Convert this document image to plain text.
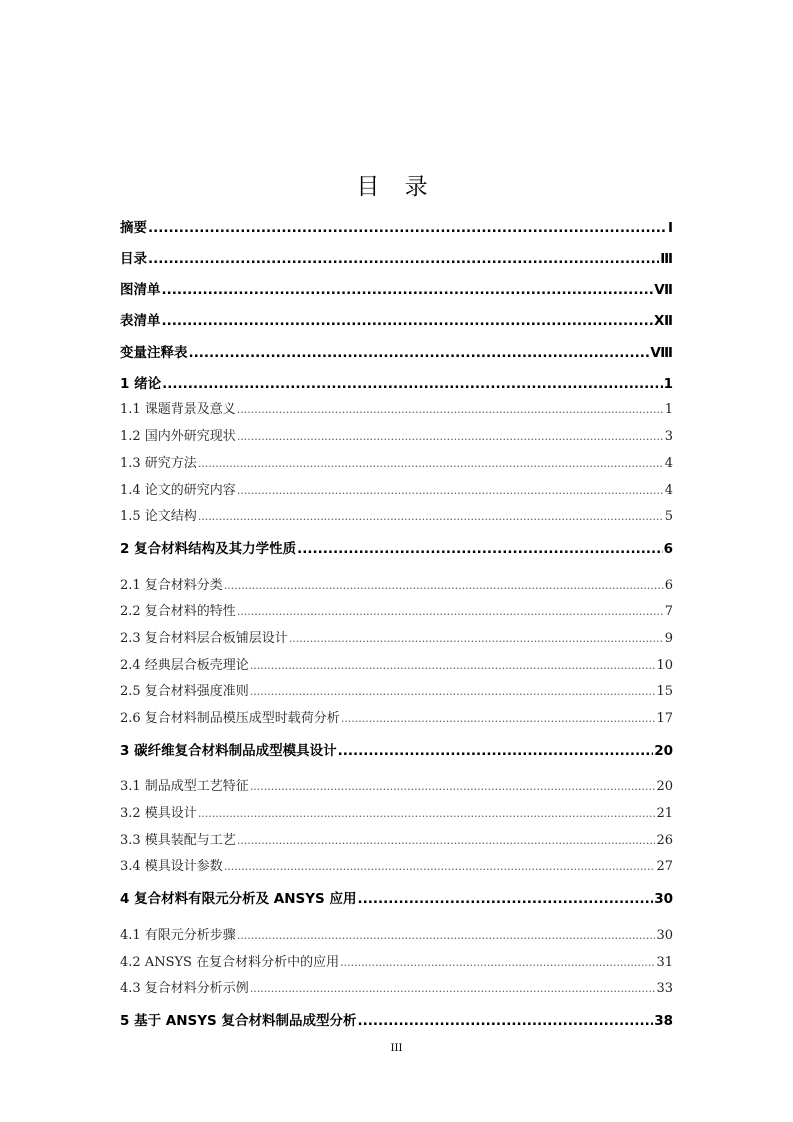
目 录
摘要 .....	Ⅰ
目录 .....	Ⅲ
图清单 .....	Ⅶ
表清单 .....	Ⅻ
变量注释表 .....	Ⅷ
1 绪论 .....	1
1.1 课题背景及意义 .....	1
1.2 国内外研究现状 .....	3
1.3 研究方法 .....	4
1.4 论文的研究内容 .....	4
1.5 论文结构 .....	5
2 复合材料结构及其力学性质 .....	6
2.1 复合材料分类 .....	6
2.2 复合材料的特性 .....	7
2.3 复合材料层合板铺层设计 .....	9
2.4 经典层合板壳理论 .....	10
2.5 复合材料强度准则 .....	15
2.6 复合材料制品模压成型时载荷分析 .....	17
3 碳纤维复合材料制品成型模具设计 .....	20
3.1 制品成型工艺特征 .....	20
3.2 模具设计 .....	21
3.3 模具装配与工艺 .....	26
3.4 模具设计参数 .....	27
4 复合材料有限元分析及 ANSYS 应用 .....	30
4.1 有限元分析步骤 .....	30
4.2 ANSYS 在复合材料分析中的应用 .....	31
4.3 复合材料分析示例 .....	33
5 基于 ANSYS 复合材料制品成型分析 .....	38
III
